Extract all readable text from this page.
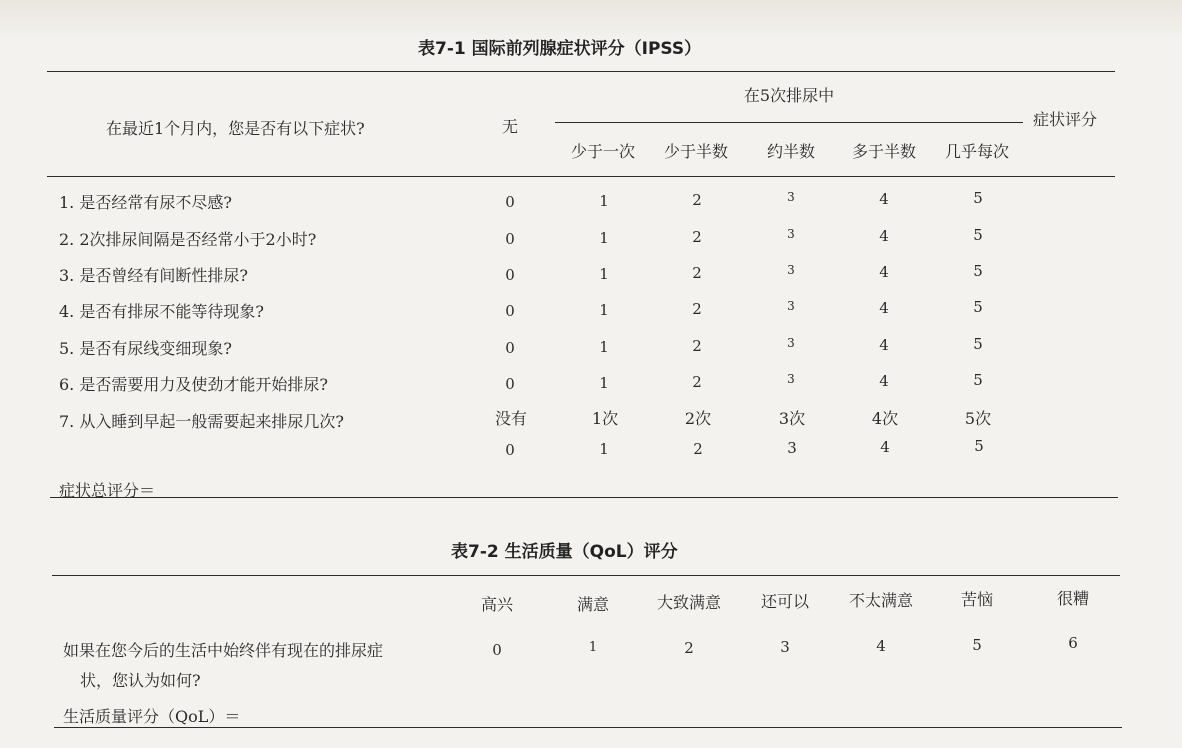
表7-1 国际前列腺症状评分（IPSS）
在最近1个月内，您是否有以下症状?	无
在5次排尿中
症状评分
少于一次 少于半数 约半数 多于半数 几乎每次
1. 是否经常有尿不尽感?	0	1	2	3	4	5
2. 2次排尿间隔是否经常小于2小时?	0	1	2	3	4	5
3. 是否曾经有间断性排尿?	0	1	2	3	4	5
4. 是否有排尿不能等待现象?	0	1	2	3	4	5
5. 是否有尿线变细现象?	0	1	2	3	4	5
6. 是否需要用力及使劲才能开始排尿?	0	1	2	3	4	5
7. 从入睡到早起一般需要起来排尿几次?	没有	1次	2次	3次	4次	5次
0	1	2	3	4	5
症状总评分＝
表7-2 生活质量（QoL）评分
高兴	满意	大致满意 还可以 不太满意	苦恼	很糟
如果在您今后的生活中始终伴有现在的排尿症
状，您认为如何?
0	1	2	3	4	5	6
生活质量评分（QoL）＝
